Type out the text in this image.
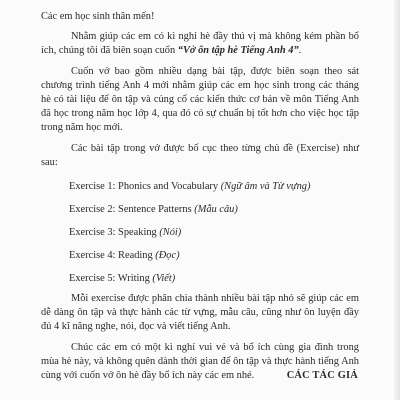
Các em học sinh thân mến!

Nhằm giúp các em có kì nghỉ hè đầy thú vị mà không kém phần bổ ích, chúng tôi đã biên soạn cuốn “Vở ôn tập hè Tiếng Anh 4”.

Cuốn vở bao gồm nhiều dạng bài tập, được biên soạn theo sát chương trình tiếng Anh 4 mới nhằm giúp các em học sinh trong các tháng hè có tài liệu để ôn tập và củng cố các kiến thức cơ bản về môn Tiếng Anh đã học trong năm học lớp 4, qua đó có sự chuẩn bị tốt hơn cho việc học tập trong năm học mới.

Các bài tập trong vở được bố cục theo từng chủ đề (Exercise) như sau:

Exercise 1: Phonics and Vocabulary (Ngữ âm và Từ vựng)

Exercise 2: Sentence Patterns (Mẫu câu)

Exercise 3: Speaking (Nói)

Exercise 4: Reading (Đọc)

Exercise 5: Writing (Viết)

Mỗi exercise được phân chia thành nhiều bài tập nhỏ sẽ giúp các em dễ dàng ôn tập và thực hành các từ vựng, mẫu câu, cũng như ôn luyện đầy đủ 4 kĩ năng nghe, nói, đọc và viết tiếng Anh.

Chúc các em có một kì nghỉ vui vẻ và bổ ích cùng gia đình trong mùa hè này, và không quên dành thời gian để ôn tập và thực hành tiếng Anh cùng với cuốn vở ôn hè đầy bổ ích này các em nhé.	CÁC TÁC GIẢ
